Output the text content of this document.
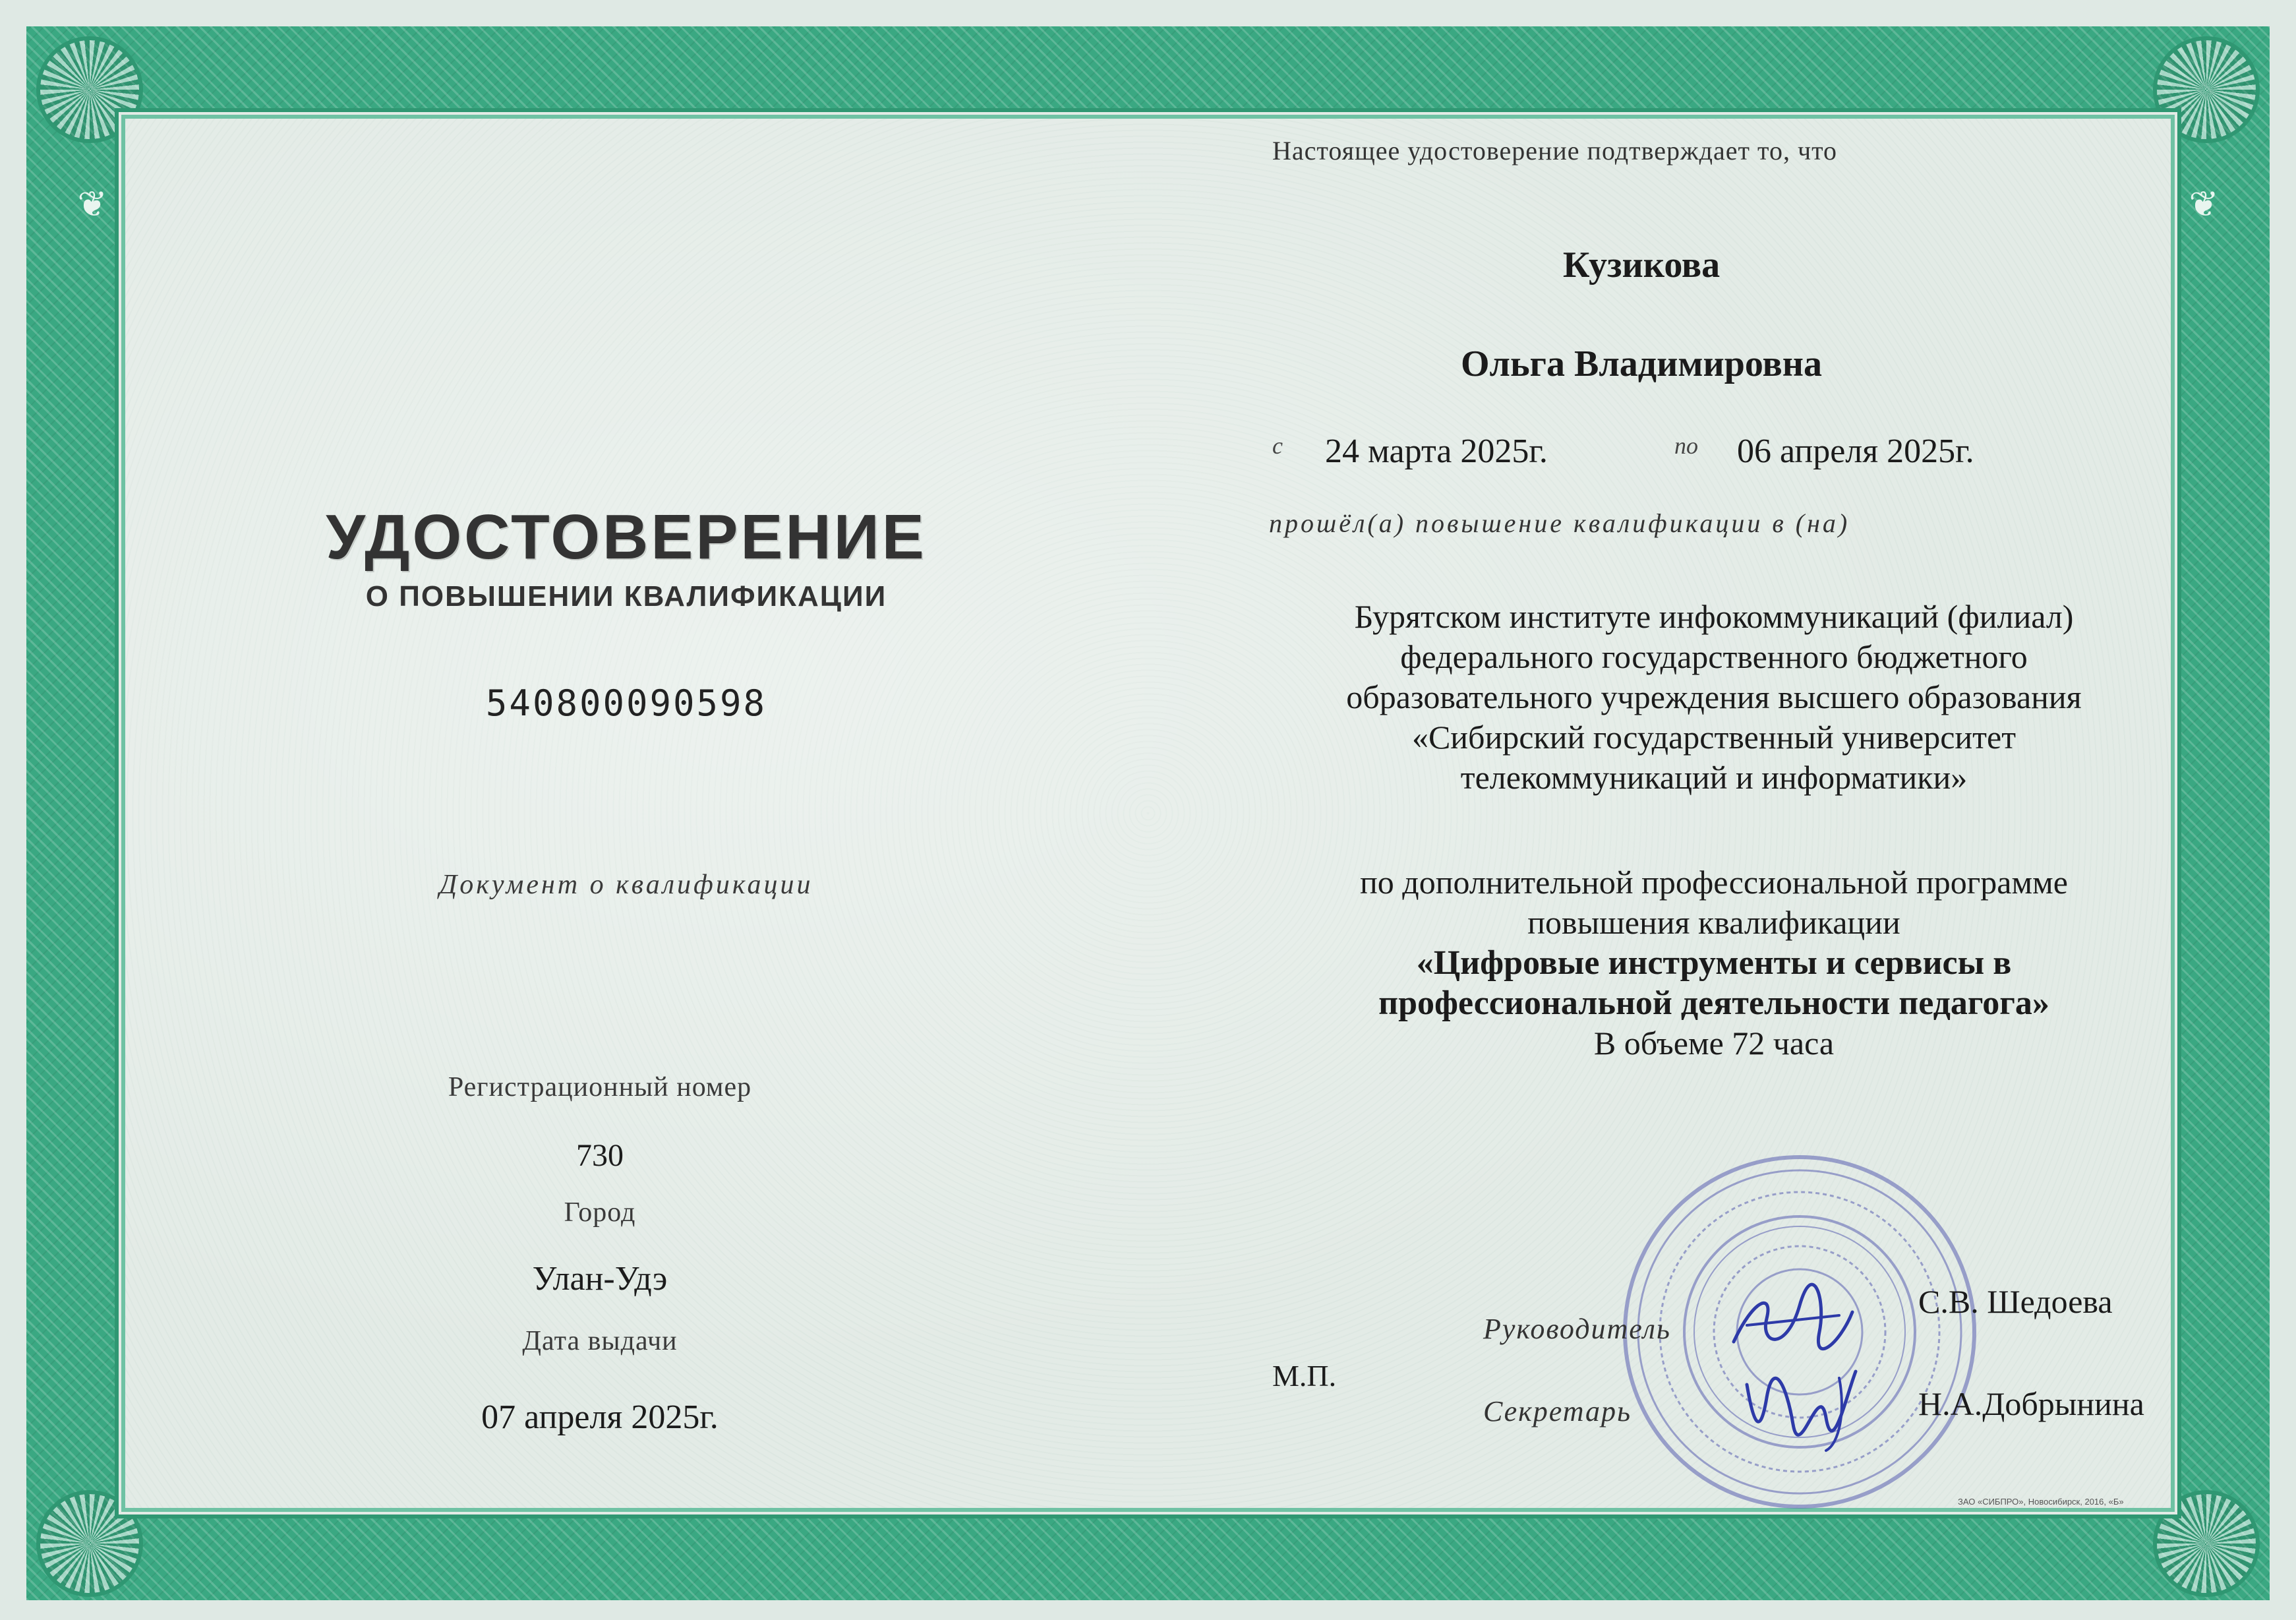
❦	❦
УДОСТОВЕРЕНИЕ
О ПОВЫШЕНИИ КВАЛИФИКАЦИИ
540800090598
Документ о квалификации
Регистрационный номер
730
Город
Улан-Удэ
Дата выдачи
07 апреля 2025г.
Настоящее удостоверение подтверждает то, что
Кузикова
Ольга Владимировна
с 24 марта 2025г.	по 06 апреля 2025г.
прошёл(а) повышение квалификации в (на)
Бурятском институте инфокоммуникаций (филиал)
федерального государственного бюджетного
образовательного учреждения высшего образования
«Сибирский государственный университет
телекоммуникаций и информатики»
по дополнительной профессиональной программе
повышения квалификации
«Цифровые инструменты и сервисы в
профессиональной деятельности педагога»
В объеме 72 часа
М.П.
Руководитель
С.В. Шедоева
Секретарь	Н.А.Добрынина
ЗАО «СИБПРО», Новосибирск, 2016, «Б»
